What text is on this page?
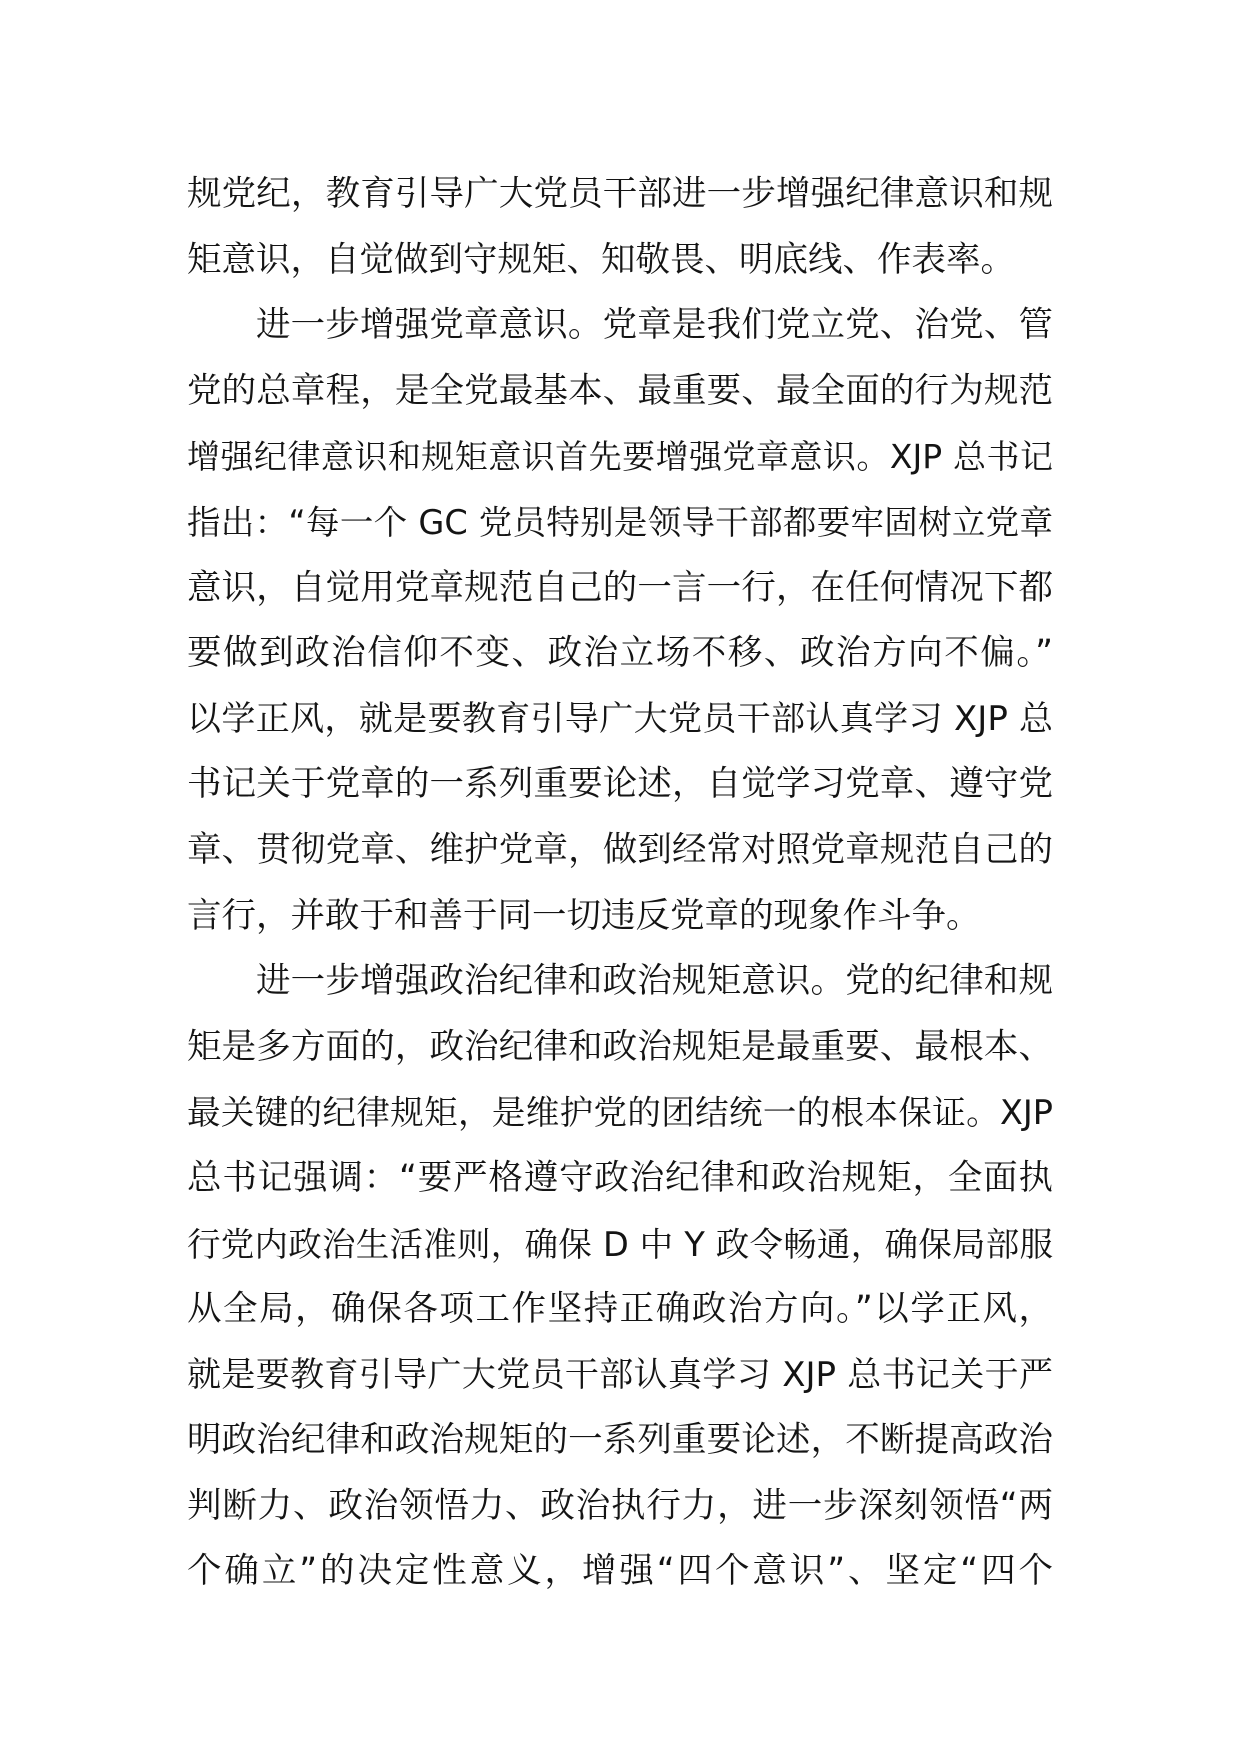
规党纪，教育引导广大党员干部进一步增强纪律意识和规
矩意识，自觉做到守规矩、知敬畏、明底线、作表率。
进一步增强党章意识。党章是我们党立党、治党、管
党的总章程，是全党最基本、最重要、最全面的行为规范
增强纪律意识和规矩意识首先要增强党章意识。XJP 总书记
指出：“每一个 GC 党员特别是领导干部都要牢固树立党章
意识，自觉用党章规范自己的一言一行，在任何情况下都
要做到政治信仰不变、政治立场不移、政治方向不偏。”
以学正风，就是要教育引导广大党员干部认真学习 XJP 总
书记关于党章的一系列重要论述，自觉学习党章、遵守党
章、贯彻党章、维护党章，做到经常对照党章规范自己的
言行，并敢于和善于同一切违反党章的现象作斗争。
进一步增强政治纪律和政治规矩意识。党的纪律和规
矩是多方面的，政治纪律和政治规矩是最重要、最根本、
最关键的纪律规矩，是维护党的团结统一的根本保证。XJP
总书记强调：“要严格遵守政治纪律和政治规矩，全面执
行党内政治生活准则，确保 D 中 Y 政令畅通，确保局部服
从全局，确保各项工作坚持正确政治方向。”以学正风，
就是要教育引导广大党员干部认真学习 XJP 总书记关于严
明政治纪律和政治规矩的一系列重要论述，不断提高政治
判断力、政治领悟力、政治执行力，进一步深刻领悟“两
个确立”的决定性意义，增强“四个意识”、坚定“四个
